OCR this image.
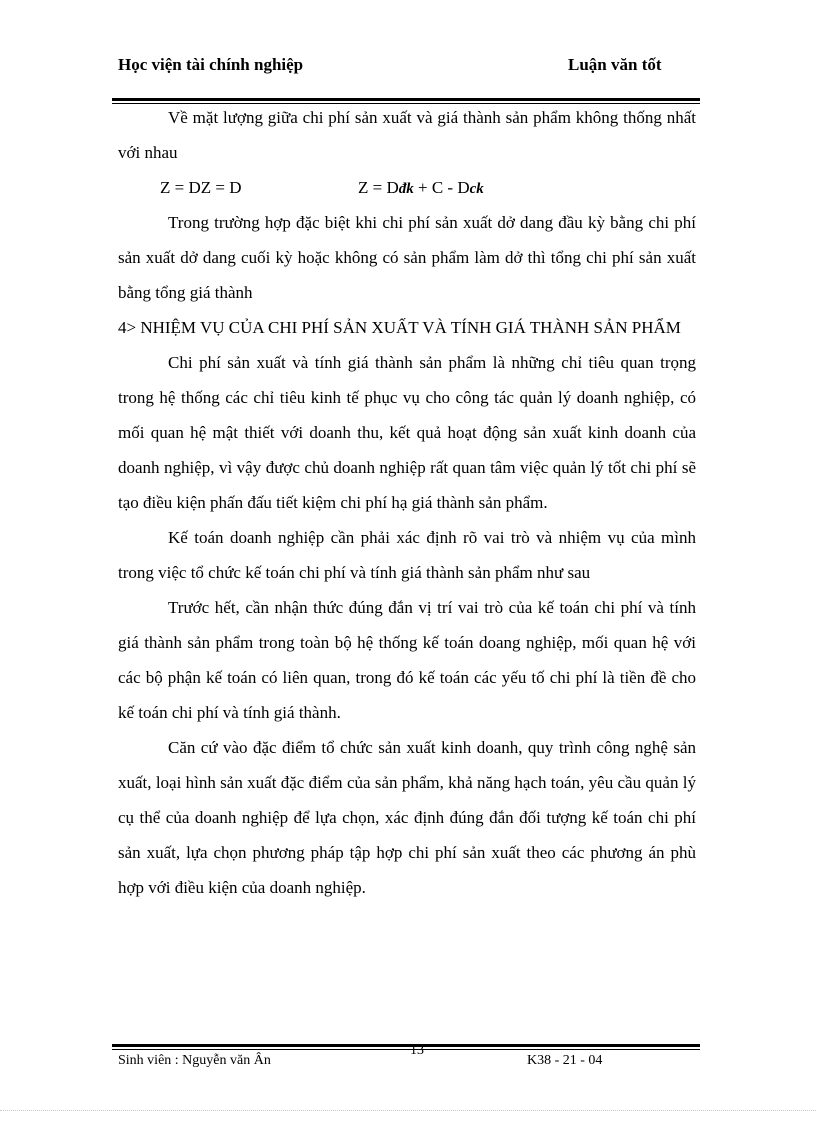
Học viện tài chính nghiệp	Luận văn tốt

Về mặt lượng giữa chi phí sản xuất và giá thành sản phẩm không thống nhất với nhau

Z = DZ = D	Z = Dđk + C - Dck

Trong trường hợp đặc biệt khi chi phí sản xuất dở dang đầu kỳ bằng chi phí sản xuất dở dang cuối kỳ hoặc không có sản phẩm làm dở thì tổng chi phí sản xuất bằng tổng giá thành

4> NHIỆM VỤ CỦA CHI PHÍ SẢN XUẤT VÀ TÍNH GIÁ THÀNH SẢN PHẨM

Chi phí sản xuất và tính giá thành sản phẩm là những chỉ tiêu quan trọng trong hệ thống các chỉ tiêu kinh tế phục vụ cho công tác quản lý doanh nghiệp, có mối quan hệ mật thiết với doanh thu, kết quả hoạt động sản xuất kinh doanh của doanh nghiệp, vì vậy được chủ doanh nghiệp rất quan tâm việc quản lý tốt chi phí sẽ tạo điều kiện phấn đấu tiết kiệm chi phí hạ giá thành sản phẩm.

Kế toán doanh nghiệp cần phải xác định rõ vai trò và nhiệm vụ của mình trong việc tổ chức kế toán chi phí và tính giá thành sản phẩm như sau

Trước hết, cần nhận thức đúng đắn vị trí vai trò của kế toán chi phí và tính giá thành sản phẩm trong toàn bộ hệ thống kế toán doang nghiệp, mối quan hệ với các bộ phận kế toán có liên quan, trong đó kế toán các yếu tố chi phí là tiền đề cho kế toán chi phí và tính giá thành.

Căn cứ vào đặc điểm tổ chức sản xuất kinh doanh, quy trình công nghệ sản xuất, loại hình sản xuất đặc điểm của sản phẩm, khả năng hạch toán, yêu cầu quản lý cụ thể của doanh nghiệp để lựa chọn, xác định đúng đắn đối tượng kế toán chi phí sản xuất, lựa chọn phương pháp tập hợp chi phí sản xuất theo các phương án phù hợp với điều kiện của doanh nghiệp.

Sinh viên : Nguyễn văn Ân
13
K38 - 21 - 04
